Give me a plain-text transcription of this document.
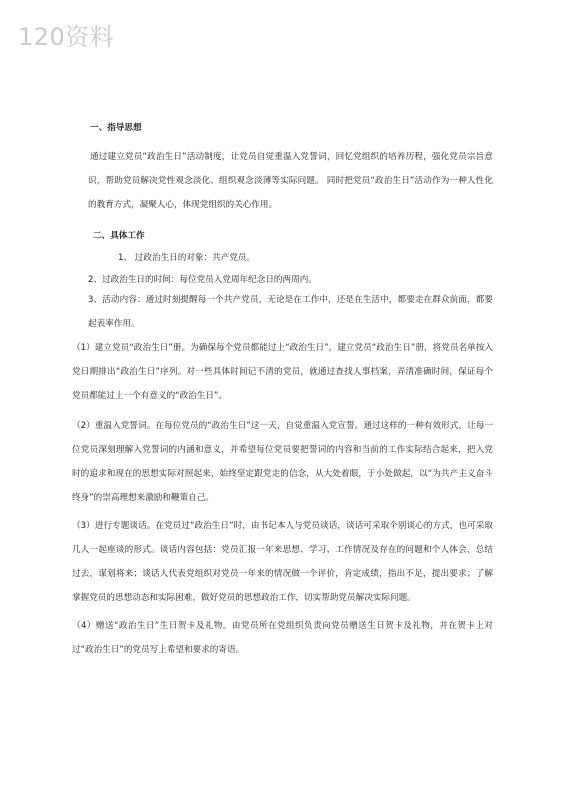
120资料
一、指导思想
通过建立党员“政治生日”活动制度，让党员自觉重温入党誓词，回忆党组织的培养历程，强化党员宗旨意识，帮助党员解决党性观念淡化、组织观念淡薄等实际问题。 同时把党员“政治生日”活动作为一种人性化的教育方式，凝聚人心，体现党组织的关心作用。
二、具体工作
1、 过政治生日的对象：共产党员。
2、过政治生日的时间：每位党员入党周年纪念日的两周内。
3、活动内容：通过时刻提醒每一个共产党员，无论是在工作中，还是在生活中，都要走在群众前面，都要起表率作用。
（1）建立党员“政治生日”册。为确保每个党员都能过上“政治生日”，建立党员“政治生日”册，将党员名单按入党日期排出“政治生日”序列。对一些具体时间记不清的党员，就通过查找人事档案，弄清准确时间，保证每个党员都能过上一个有意义的“政治生日”。
（2）重温入党誓词。在每位党员的“政治生日”这一天，自觉重温入党宣誓。通过这样的一种有效形式，让每一位党员深刻理解入党誓词的内涵和意义，并希望每位党员要把誓词的内容和当前的工作实际结合起来，把入党时的追求和现在的思想实际对照起来，始终坚定跟党走的信念，从大处着眼，于小处做起，以“为共产主义奋斗终身”的崇高理想来激励和鞭策自己。
（3）进行专题谈话。在党员过“政治生日”时，由书记本人与党员谈话，谈话可采取个别谈心的方式，也可采取几人一起座谈的形式。谈话内容包括：党员汇报一年来思想、学习、工作情况及存在的问题和个人体会，总结过去，谋划将来；谈话人代表党组织对党员一年来的情况做一个评价，肯定成绩，指出不足，提出要求；了解掌握党员的思想动态和实际困难，做好党员的思想政治工作，切实帮助党员解决实际问题。
（4）赠送“政治生日”生日贺卡及礼物。由党员所在党组织负责向党员赠送生日贺卡及礼物，并在贺卡上对过“政治生日”的党员写上希望和要求的寄语。
